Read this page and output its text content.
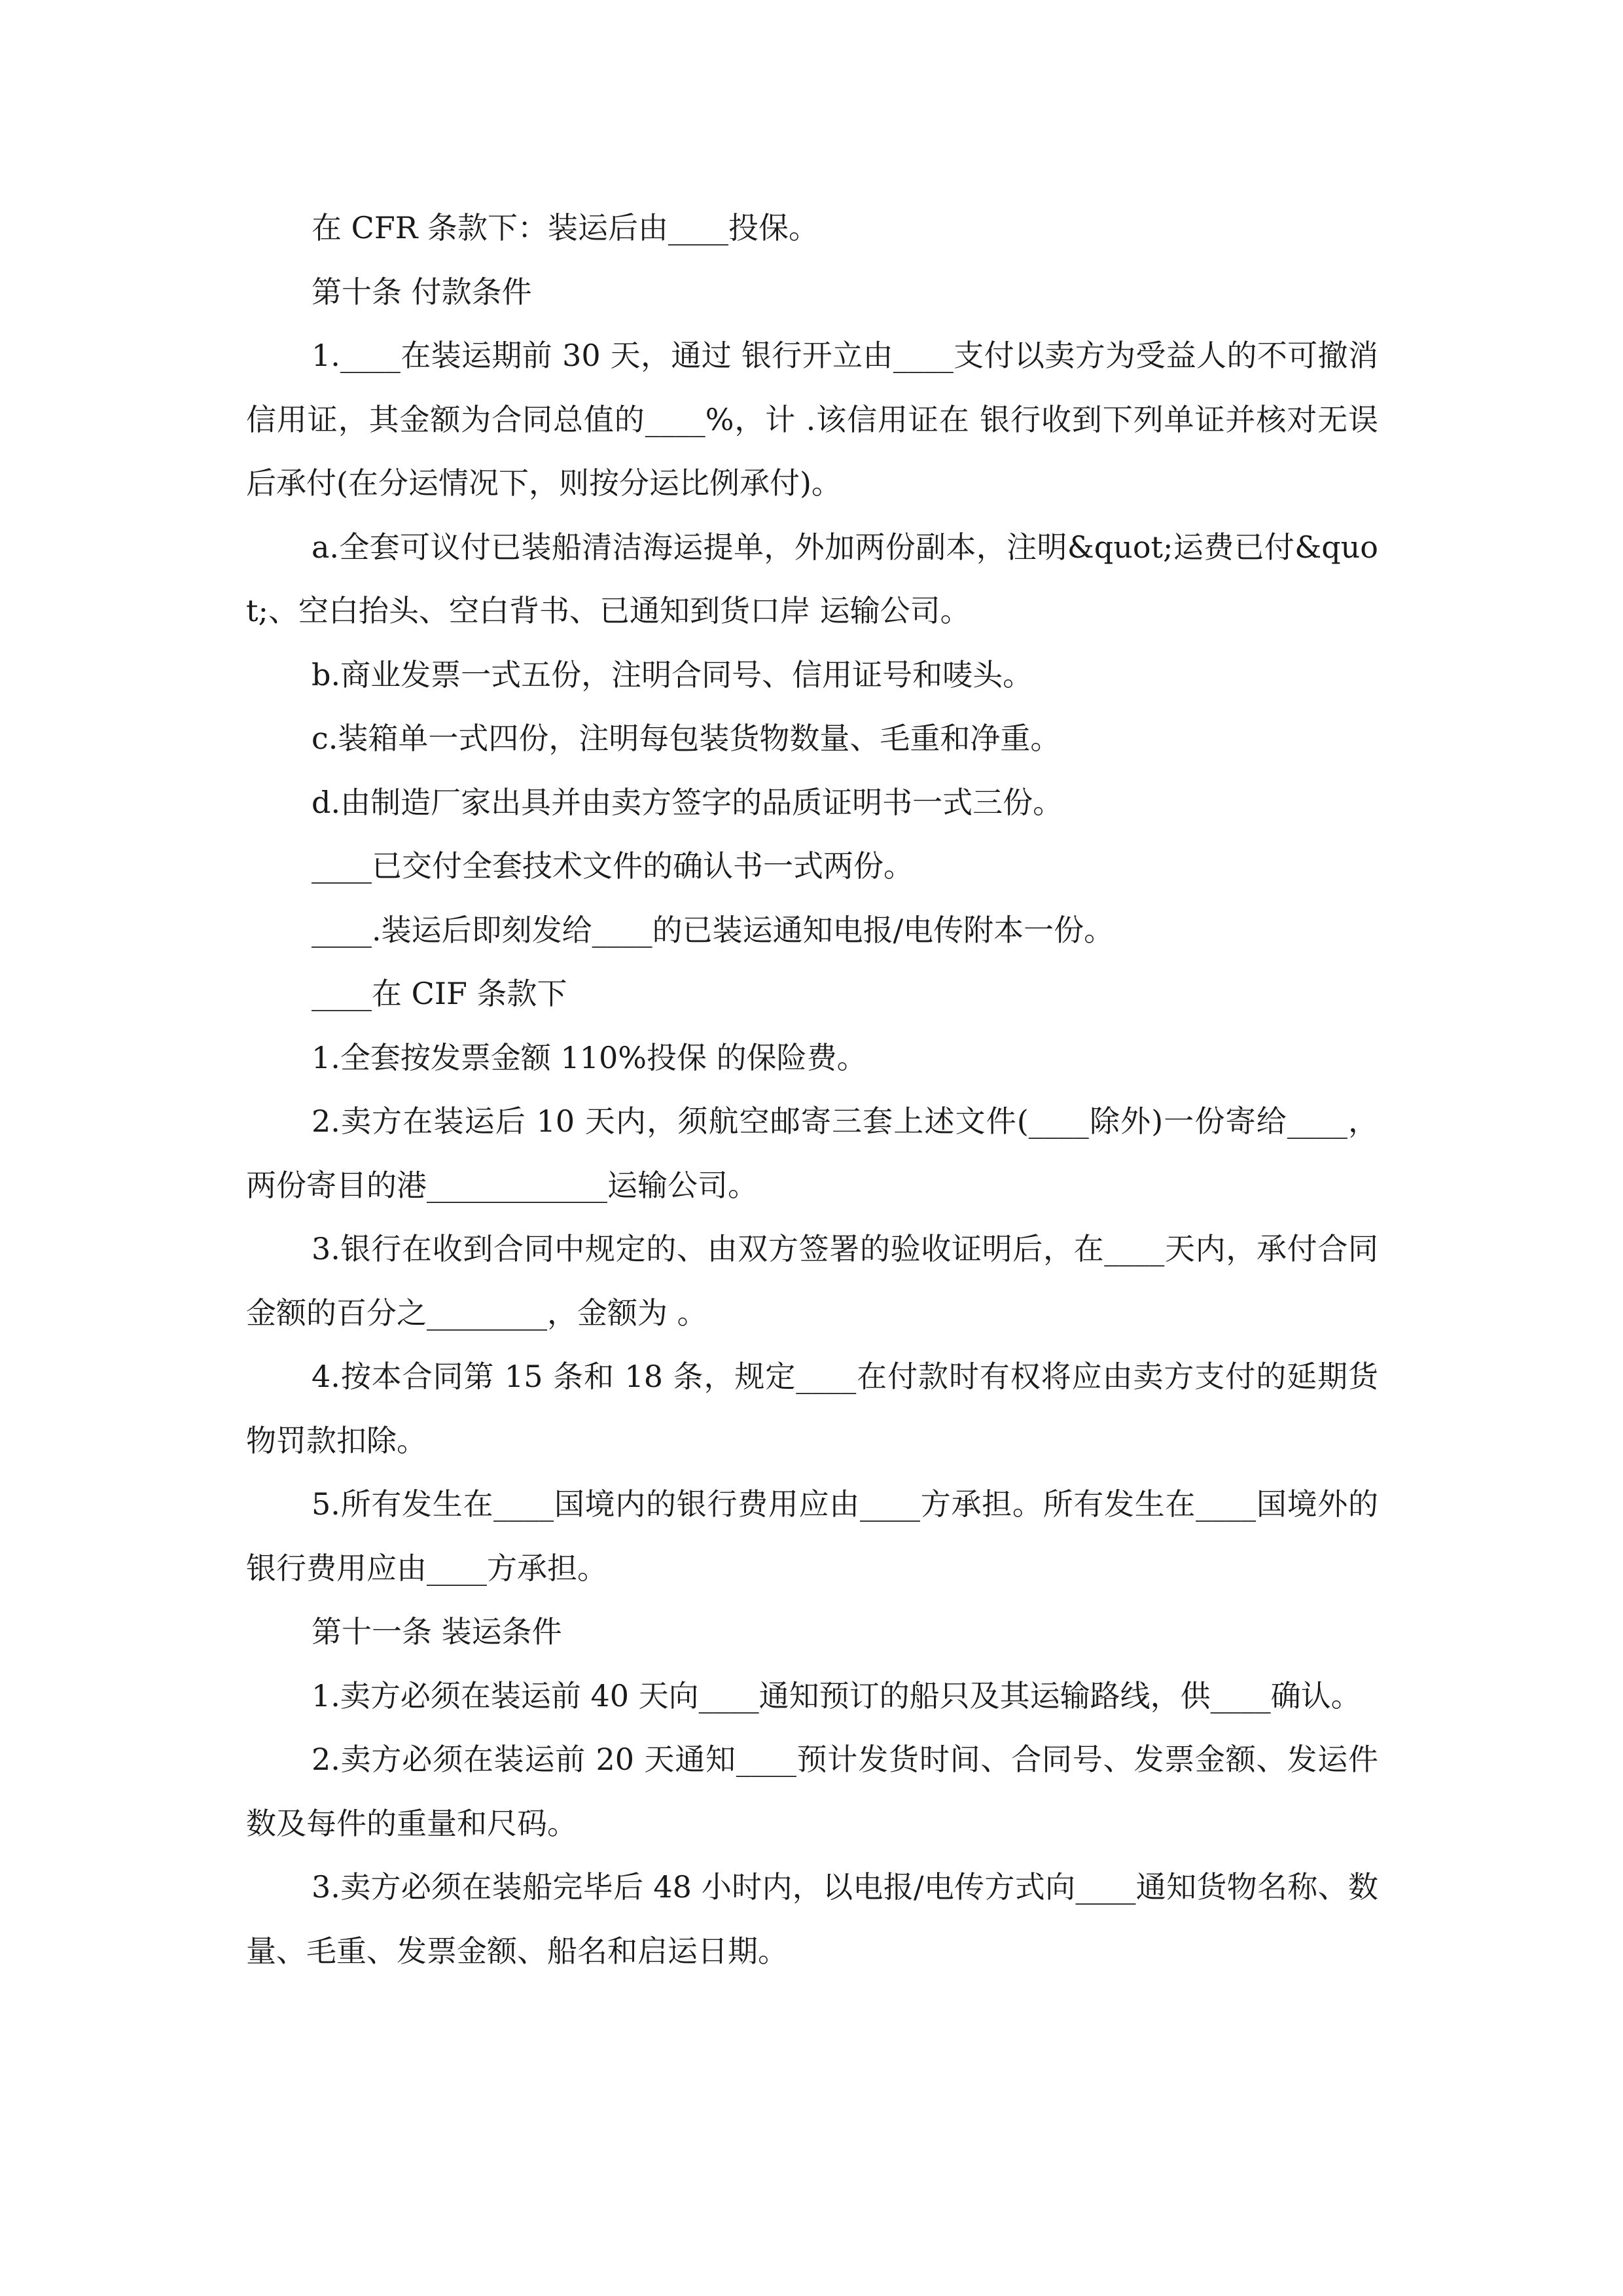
在 CFR 条款下：装运后由____投保。

第十条 付款条件

1.____在装运期前 30 天，通过 银行开立由____支付以卖方为受益人的不可撤消信用证，其金额为合同总值的____%，计 .该信用证在 银行收到下列单证并核对无误后承付(在分运情况下，则按分运比例承付)。

a.全套可议付已装船清洁海运提单，外加两份副本，注明&quot;运费已付&quot;、空白抬头、空白背书、已通知到货口岸 运输公司。

b.商业发票一式五份，注明合同号、信用证号和唛头。

c.装箱单一式四份，注明每包装货物数量、毛重和净重。

d.由制造厂家出具并由卖方签字的品质证明书一式三份。

____已交付全套技术文件的确认书一式两份。

____.装运后即刻发给____的已装运通知电报/电传附本一份。

____在 CIF 条款下

1.全套按发票金额 110%投保 的保险费。

2.卖方在装运后 10 天内，须航空邮寄三套上述文件(____除外)一份寄给____，两份寄目的港____________运输公司。

3.银行在收到合同中规定的、由双方签署的验收证明后，在____天内，承付合同金额的百分之________，金额为 。

4.按本合同第 15 条和 18 条，规定____在付款时有权将应由卖方支付的延期货物罚款扣除。

5.所有发生在____国境内的银行费用应由____方承担。所有发生在____国境外的银行费用应由____方承担。

第十一条 装运条件

1.卖方必须在装运前 40 天向____通知预订的船只及其运输路线，供____确认。

2.卖方必须在装运前 20 天通知____预计发货时间、合同号、发票金额、发运件数及每件的重量和尺码。

3.卖方必须在装船完毕后 48 小时内，以电报/电传方式向____通知货物名称、数量、毛重、发票金额、船名和启运日期。
